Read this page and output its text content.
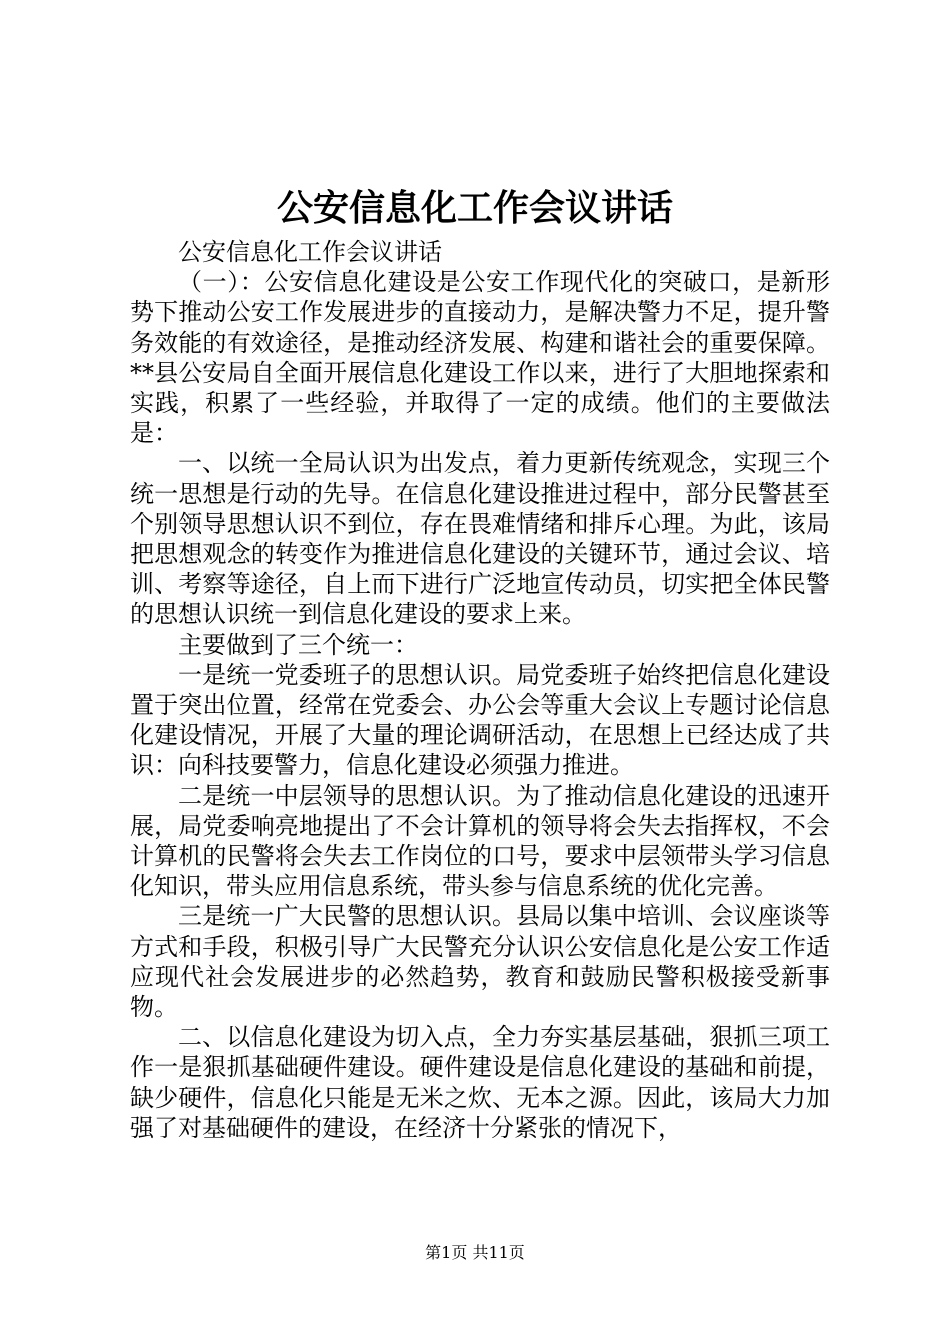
公安信息化工作会议讲话

公安信息化工作会议讲话

（一）：公安信息化建设是公安工作现代化的突破口，是新形势下推动公安工作发展进步的直接动力，是解决警力不足，提升警务效能的有效途径，是推动经济发展、构建和谐社会的重要保障。**县公安局自全面开展信息化建设工作以来，进行了大胆地探索和实践，积累了一些经验，并取得了一定的成绩。他们的主要做法是：

一、以统一全局认识为出发点，着力更新传统观念，实现三个统一思想是行动的先导。在信息化建设推进过程中，部分民警甚至个别领导思想认识不到位，存在畏难情绪和排斥心理。为此，该局把思想观念的转变作为推进信息化建设的关键环节，通过会议、培训、考察等途径，自上而下进行广泛地宣传动员，切实把全体民警的思想认识统一到信息化建设的要求上来。

主要做到了三个统一：

一是统一党委班子的思想认识。局党委班子始终把信息化建设置于突出位置，经常在党委会、办公会等重大会议上专题讨论信息化建设情况，开展了大量的理论调研活动，在思想上已经达成了共识：向科技要警力，信息化建设必须强力推进。

二是统一中层领导的思想认识。为了推动信息化建设的迅速开展，局党委响亮地提出了不会计算机的领导将会失去指挥权，不会计算机的民警将会失去工作岗位的口号，要求中层领带头学习信息化知识，带头应用信息系统，带头参与信息系统的优化完善。

三是统一广大民警的思想认识。县局以集中培训、会议座谈等方式和手段，积极引导广大民警充分认识公安信息化是公安工作适应现代社会发展进步的必然趋势，教育和鼓励民警积极接受新事物。

二、以信息化建设为切入点，全力夯实基层基础，狠抓三项工作一是狠抓基础硬件建设。硬件建设是信息化建设的基础和前提，缺少硬件，信息化只能是无米之炊、无本之源。因此，该局大力加强了对基础硬件的建设，在经济十分紧张的情况下，

第1页 共11页
